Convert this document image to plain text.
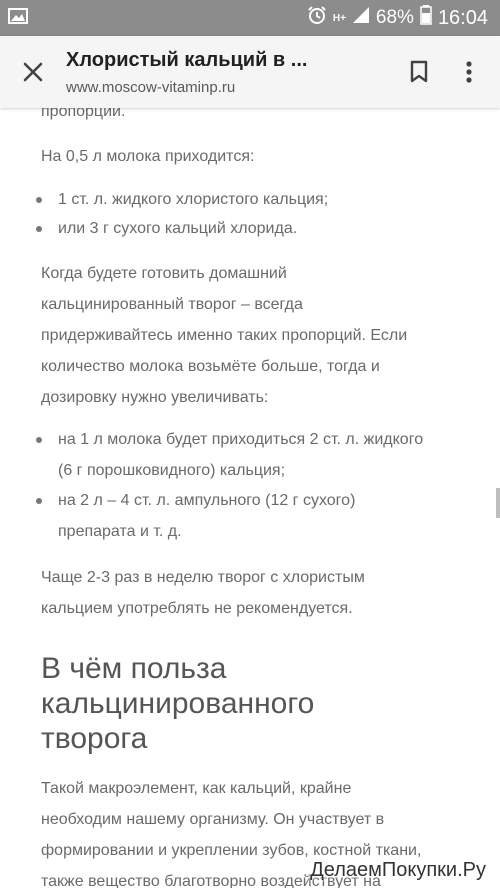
H+ 68% 16:04
Хлористый кальций в ...
www.moscow-vitaminp.ru

пропорции.

На 0,5 л молока приходится:

1 ст. л. жидкого хлористого кальция;

или 3 г сухого кальций хлорида.

Когда будете готовить домашний

кальцинированный творог – всегда

придерживайтесь именно таких пропорций. Если

количество молока возьмёте больше, тогда и

дозировку нужно увеличивать:

на 1 л молока будет приходиться 2 ст. л. жидкого

(6 г порошковидного) кальция;

на 2 л – 4 ст. л. ампульного (12 г сухого)

препарата и т. д.

Чаще 2-3 раз в неделю творог с хлористым

кальцием употреблять не рекомендуется.

В чём польза
кальцинированного
творога

Такой макроэлемент, как кальций, крайне

необходим нашему организму. Он участвует в

формировании и укреплении зубов, костной ткани,

также вещество благотворно воздействует на

ДелаемПокупки.Ру
